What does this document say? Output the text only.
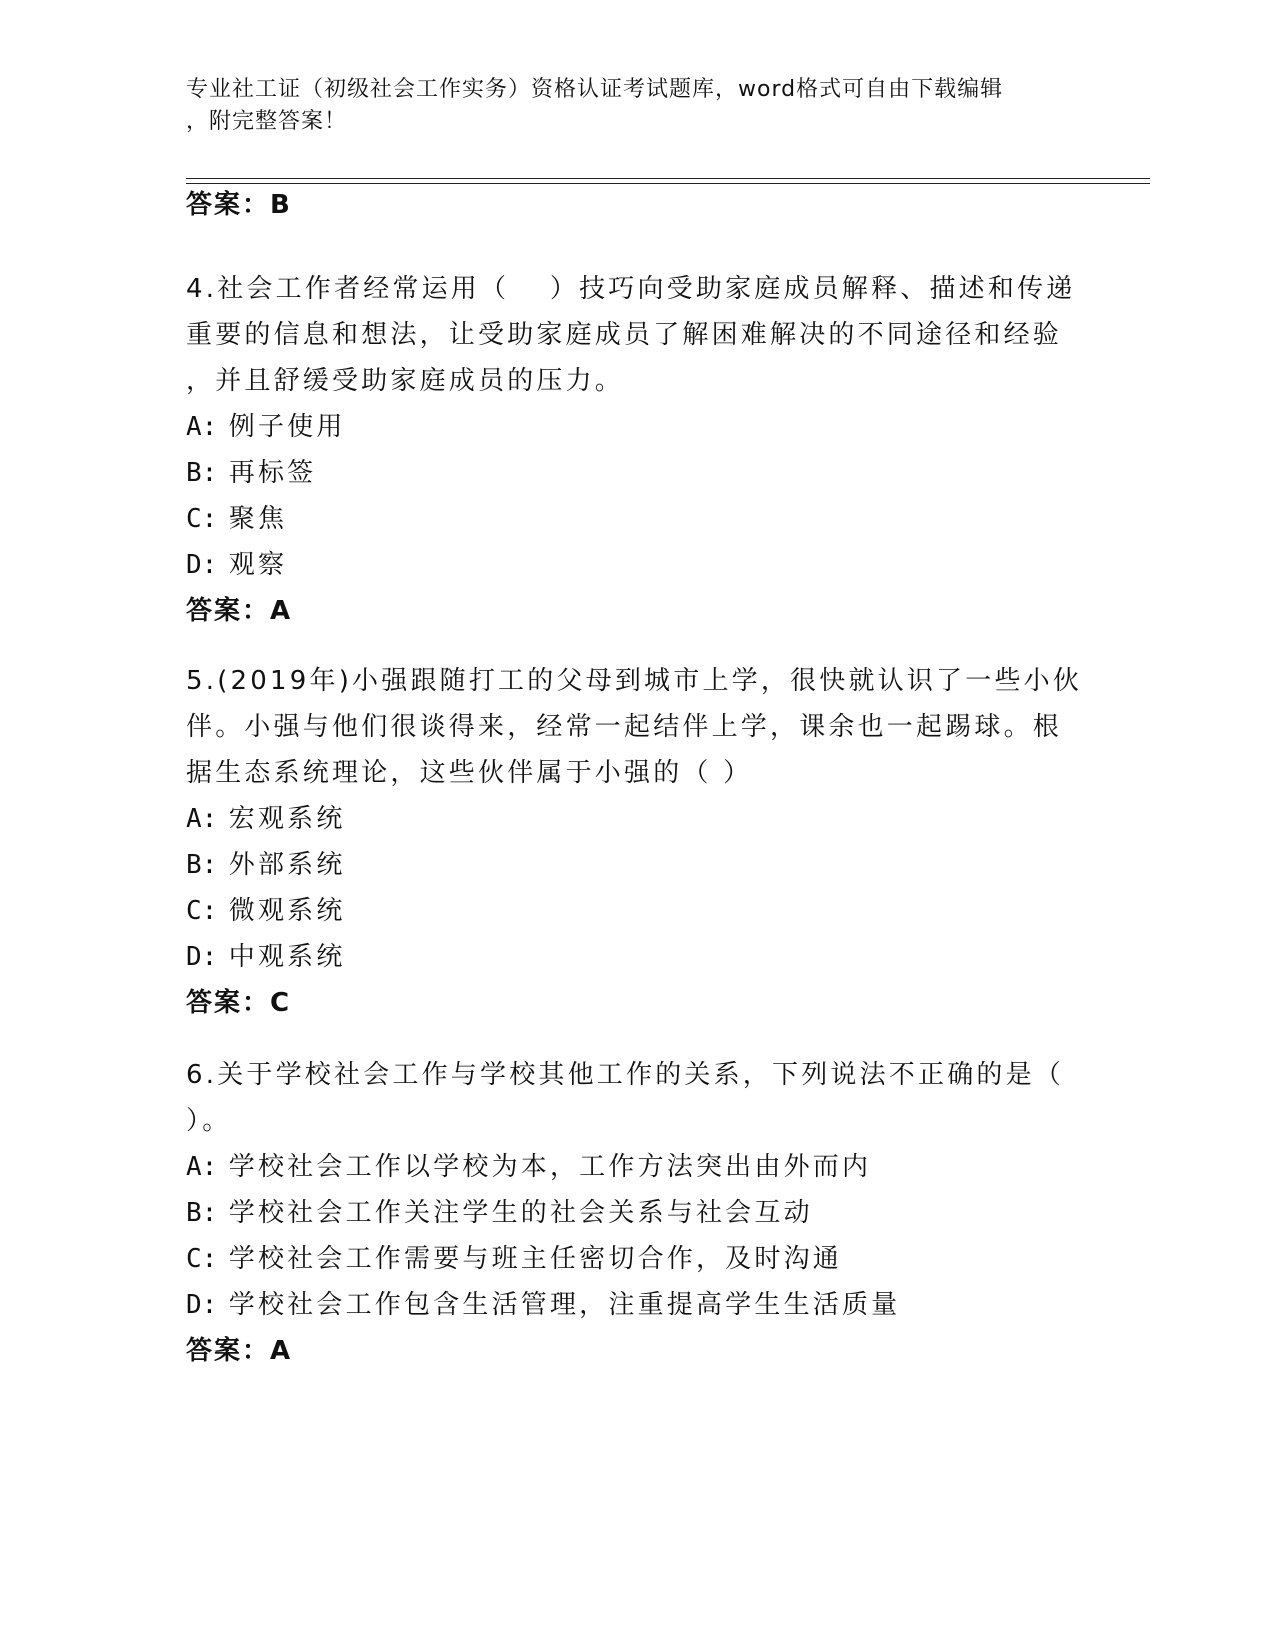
专业社工证（初级社会工作实务）资格认证考试题库，word格式可自由下载编辑
，附完整答案！
答案：B
4.社会工作者经常运用（　 ）技巧向受助家庭成员解释、描述和传递
重要的信息和想法，让受助家庭成员了解困难解决的不同途径和经验
，并且舒缓受助家庭成员的压力。
A: 例子使用
B: 再标签
C: 聚焦
D: 观察
答案：A
5.(2019年)小强跟随打工的父母到城市上学，很快就认识了一些小伙
伴。小强与他们很谈得来，经常一起结伴上学，课余也一起踢球。根
据生态系统理论，这些伙伴属于小强的（ ）
A: 宏观系统
B: 外部系统
C: 微观系统
D: 中观系统
答案：C
6.关于学校社会工作与学校其他工作的关系，下列说法不正确的是（
）。
A: 学校社会工作以学校为本，工作方法突出由外而内
B: 学校社会工作关注学生的社会关系与社会互动
C: 学校社会工作需要与班主任密切合作，及时沟通
D: 学校社会工作包含生活管理，注重提高学生生活质量
答案：A
